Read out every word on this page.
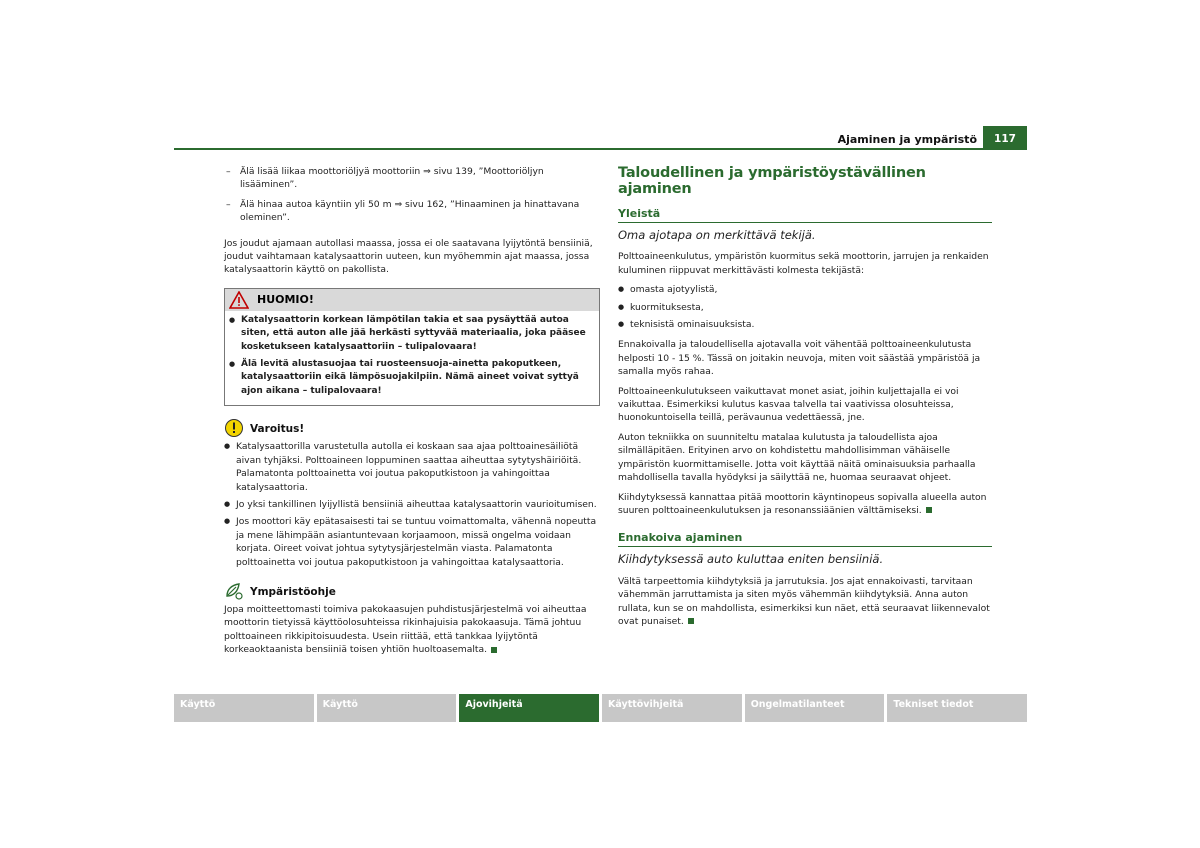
Ajaminen ja ympäristö	117
– Älä lisää liikaa moottoriöljyä moottoriin ⇒ sivu 139, ”Moottoriöljyn lisääminen”.
– Älä hinaa autoa käyntiin yli 50 m ⇒ sivu 162, ”Hinaaminen ja hinattavana oleminen”.

Jos joudut ajamaan autollasi maassa, jossa ei ole saatavana lyijytöntä bensiiniä, joudut vaihtamaan katalysaattorin uuteen, kun myöhemmin ajat maassa, jossa katalysaattorin käyttö on pakollista.

HUOMIO!
● Katalysaattorin korkean lämpötilan takia et saa pysäyttää autoa siten, että auton alle jää herkästi syttyvää materiaalia, joka pääsee kosketukseen katalysaattoriin – tulipalovaara!
● Älä levitä alustasuojaa tai ruosteensuoja-ainetta pakoputkeen, katalysaattoriin eikä lämpösuojakilpiin. Nämä aineet voivat syttyä ajon aikana – tulipalovaara!
Varoitus!
● Katalysaattorilla varustetulla autolla ei koskaan saa ajaa polttoainesäiliötä aivan tyhjäksi. Polttoaineen loppuminen saattaa aiheuttaa sytytyshäiriöitä. Palamatonta polttoainetta voi joutua pakoputkistoon ja vahingoittaa katalysaattoria.
● Jo yksi tankillinen lyijyllistä bensiiniä aiheuttaa katalysaattorin vaurioitumisen.
● Jos moottori käy epätasaisesti tai se tuntuu voimattomalta, vähennä nopeutta ja mene lähimpään asiantuntevaan korjaamoon, missä ongelma voidaan korjata. Oireet voivat johtua sytytysjärjestelmän viasta. Palamatonta polttoainetta voi joutua pakoputkistoon ja vahingoittaa katalysaattoria.
Ympäristöohje

Jopa moitteettomasti toimiva pakokaasujen puhdistusjärjestelmä voi aiheuttaa moottorin tietyissä käyttöolosuhteissa rikinhajuisia pakokaasuja. Tämä johtuu polttoaineen rikkipitoisuudesta. Usein riittää, että tankkaa lyijytöntä korkeaoktaanista bensiiniä toisen yhtiön huoltoasemalta.

Taloudellinen ja ympäristöystävällinen ajaminen
Yleistä

Oma ajotapa on merkittävä tekijä.

Polttoaineenkulutus, ympäristön kuormitus sekä moottorin, jarrujen ja renkaiden kuluminen riippuvat merkittävästi kolmesta tekijästä:

● omasta ajotyylistä,
● kuormituksesta,
● teknisistä ominaisuuksista.

Ennakoivalla ja taloudellisella ajotavalla voit vähentää polttoaineenkulutusta helposti 10 - 15 %. Tässä on joitakin neuvoja, miten voit säästää ympäristöä ja samalla myös rahaa.

Polttoaineenkulutukseen vaikuttavat monet asiat, joihin kuljettajalla ei voi vaikuttaa. Esimerkiksi kulutus kasvaa talvella tai vaativissa olosuhteissa, huonokuntoisella teillä, perävaunua vedettäessä, jne.

Auton tekniikka on suunniteltu matalaa kulutusta ja taloudellista ajoa silmälläpitäen. Erityinen arvo on kohdistettu mahdollisimman vähäiselle ympäristön kuormittamiselle. Jotta voit käyttää näitä ominaisuuksia parhaalla mahdollisella tavalla hyödyksi ja säilyttää ne, huomaa seuraavat ohjeet.

Kiihdytyksessä kannattaa pitää moottorin käyntinopeus sopivalla alueella auton suuren polttoaineenkulutuksen ja resonanssiäänien välttämiseksi.

Ennakoiva ajaminen

Kiihdytyksessä auto kuluttaa eniten bensiiniä.

Vältä tarpeettomia kiihdytyksiä ja jarrutuksia. Jos ajat ennakoivasti, tarvitaan vähemmän jarruttamista ja siten myös vähemmän kiihdytyksiä. Anna auton rullata, kun se on mahdollista, esimerkiksi kun näet, että seuraavat liikennevalot ovat punaiset.

Käyttö	Käyttö	Ajovihjeitä	Käyttövihjeitä	Ongelmatilanteet	Tekniset tiedot
